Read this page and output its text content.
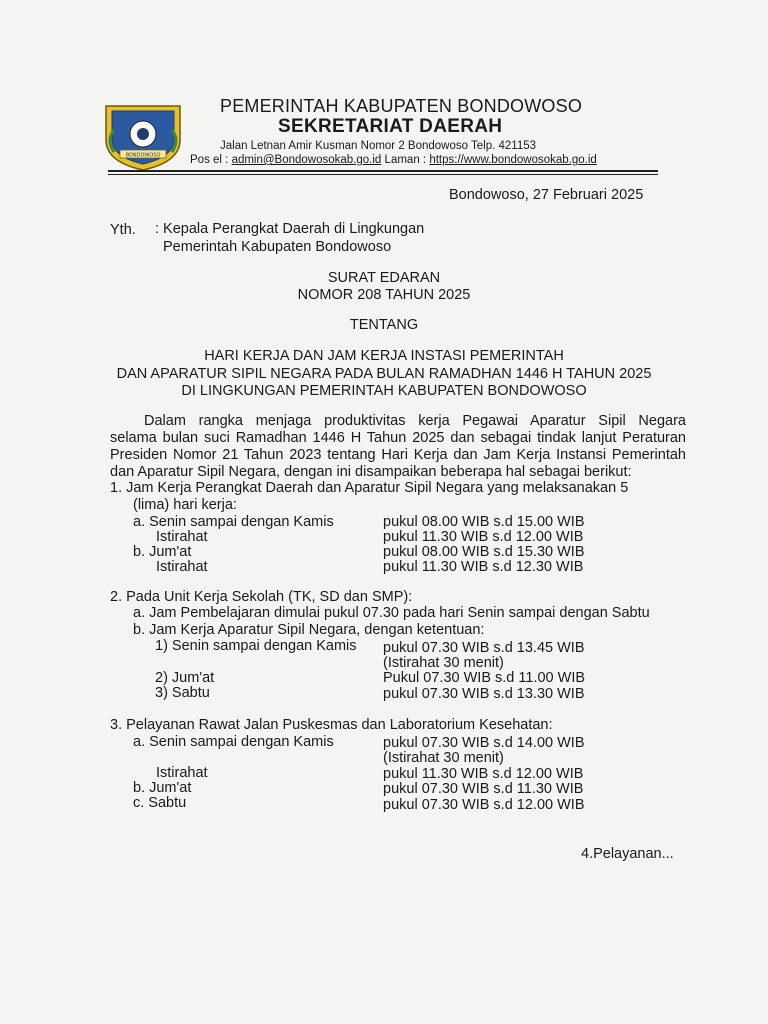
BONDOWOSO
PEMERINTAH KABUPATEN BONDOWOSO
SEKRETARIAT DAERAH
Jalan Letnan Amir Kusman Nomor 2 Bondowoso Telp. 421153
Pos el : admin@Bondowosokab.go.id Laman : https://www.bondowosokab.go.id
Bondowoso, 27 Februari 2025
Yth. : Kepala Perangkat Daerah di Lingkungan
Pemerintah Kabupaten Bondowoso
SURAT EDARAN
NOMOR 208 TAHUN 2025
TENTANG
HARI KERJA DAN JAM KERJA INSTASI PEMERINTAH
DAN APARATUR SIPIL NEGARA PADA BULAN RAMADHAN 1446 H TAHUN 2025
DI LINGKUNGAN PEMERINTAH KABUPATEN BONDOWOSO
Dalam rangka menjaga produktivitas kerja Pegawai Aparatur Sipil Negara
selama bulan suci Ramadhan 1446 H Tahun 2025 dan sebagai tindak lanjut Peraturan
Presiden Nomor 21 Tahun 2023 tentang Hari Kerja dan Jam Kerja Instansi Pemerintah
dan Aparatur Sipil Negara, dengan ini disampaikan beberapa hal sebagai berikut:
1. Jam Kerja Perangkat Daerah dan Aparatur Sipil Negara yang melaksanakan 5
(lima) hari kerja:
a. Senin sampai dengan Kamis	pukul 08.00 WIB s.d 15.00 WIB
Istirahat	pukul 11.30 WIB s.d 12.00 WIB
b. Jum'at	pukul 08.00 WIB s.d 15.30 WIB
Istirahat	pukul 11.30 WIB s.d 12.30 WIB
2. Pada Unit Kerja Sekolah (TK, SD dan SMP):
a. Jam Pembelajaran dimulai pukul 07.30 pada hari Senin sampai dengan Sabtu
b. Jam Kerja Aparatur Sipil Negara, dengan ketentuan:
1) Senin sampai dengan Kamis pukul 07.30 WIB s.d 13.45 WIB
(Istirahat 30 menit)
2) Jum'at	Pukul 07.30 WIB s.d 11.00 WIB
3) Sabtu	pukul 07.30 WIB s.d 13.30 WIB
3. Pelayanan Rawat Jalan Puskesmas dan Laboratorium Kesehatan:
a. Senin sampai dengan Kamis	pukul 07.30 WIB s.d 14.00 WIB
(Istirahat 30 menit)
Istirahat	pukul 11.30 WIB s.d 12.00 WIB
b. Jum'at	pukul 07.30 WIB s.d 11.30 WIB
c. Sabtu	pukul 07.30 WIB s.d 12.00 WIB
4.Pelayanan...
